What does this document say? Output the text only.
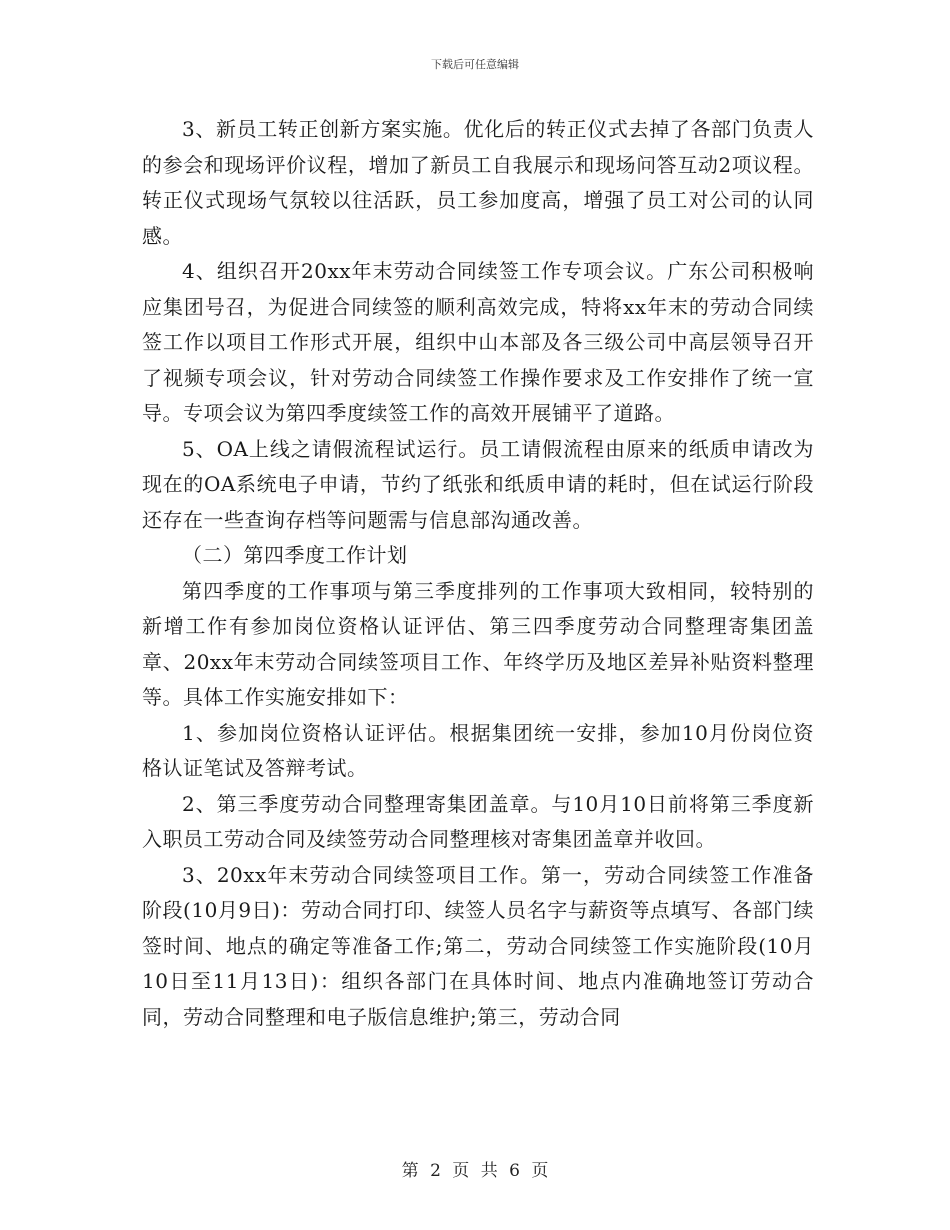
下载后可任意编辑

3、新员工转正创新方案实施。优化后的转正仪式去掉了各部门负责人的参会和现场评价议程，增加了新员工自我展示和现场问答互动2项议程。转正仪式现场气氛较以往活跃，员工参加度高，增强了员工对公司的认同感。

4、组织召开20xx年末劳动合同续签工作专项会议。广东公司积极响应集团号召，为促进合同续签的顺利高效完成，特将xx年末的劳动合同续签工作以项目工作形式开展，组织中山本部及各三级公司中高层领导召开了视频专项会议，针对劳动合同续签工作操作要求及工作安排作了统一宣导。专项会议为第四季度续签工作的高效开展铺平了道路。

5、OA上线之请假流程试运行。员工请假流程由原来的纸质申请改为现在的OA系统电子申请，节约了纸张和纸质申请的耗时，但在试运行阶段还存在一些查询存档等问题需与信息部沟通改善。

（二）第四季度工作计划

第四季度的工作事项与第三季度排列的工作事项大致相同，较特别的新增工作有参加岗位资格认证评估、第三四季度劳动合同整理寄集团盖章、20xx年末劳动合同续签项目工作、年终学历及地区差异补贴资料整理等。具体工作实施安排如下：

1、参加岗位资格认证评估。根据集团统一安排，参加10月份岗位资格认证笔试及答辩考试。

2、第三季度劳动合同整理寄集团盖章。与10月10日前将第三季度新入职员工劳动合同及续签劳动合同整理核对寄集团盖章并收回。

3、20xx年末劳动合同续签项目工作。第一，劳动合同续签工作准备阶段(10月9日)：劳动合同打印、续签人员名字与薪资等点填写、各部门续签时间、地点的确定等准备工作;第二，劳动合同续签工作实施阶段(10月10日至11月13日)：组织各部门在具体时间、地点内准确地签订劳动合同，劳动合同整理和电子版信息维护;第三，劳动合同

第 2 页 共 6 页
